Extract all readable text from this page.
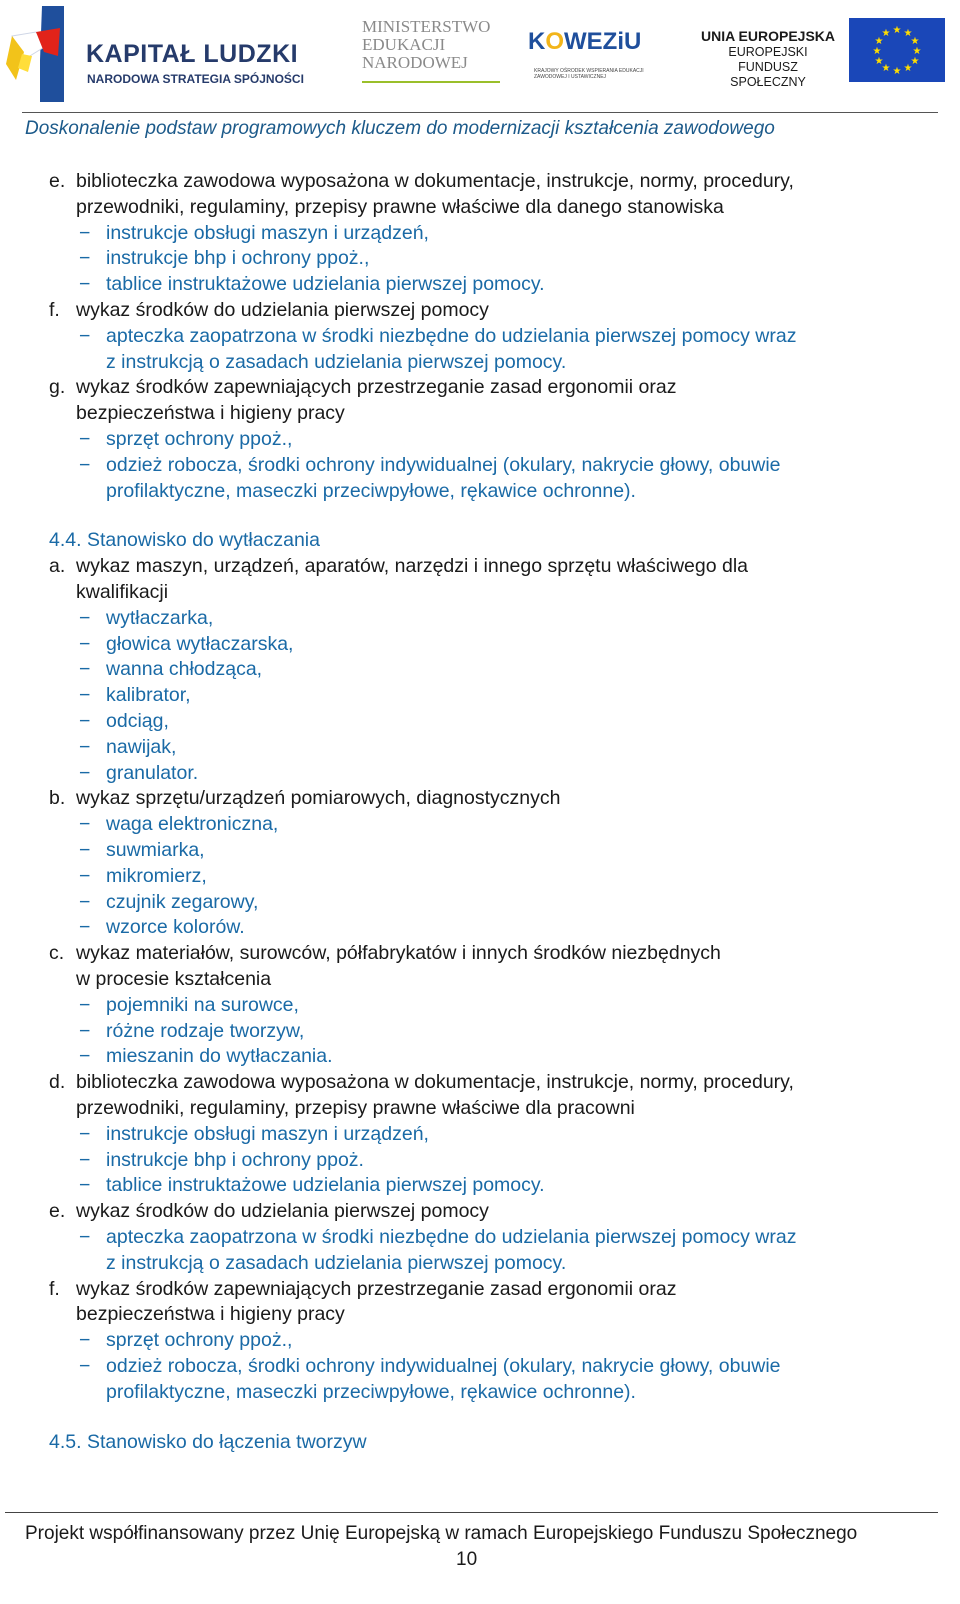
KAPITAŁ LUDZKI
NARODOWA STRATEGIA SPÓJNOŚCI
MINISTERSTWO
EDUKACJI
NARODOWEJ
KOWEZiU
KRAJOWY OŚRODEK WSPIERANIA EDUKACJI ZAWODOWEJ I USTAWICZNEJ
UNIA EUROPEJSKA
EUROPEJSKI
FUNDUSZ SPOŁECZNY
★ ★
★
★
★
★
★
★
★
★
★
★
Doskonalenie podstaw programowych kluczem do modernizacji kształcenia zawodowego
e. biblioteczka zawodowa wyposażona w dokumentacje, instrukcje, normy, procedury,
przewodniki, regulaminy, przepisy prawne właściwe dla danego stanowiska
− instrukcje obsługi maszyn i urządzeń,
− instrukcje bhp i ochrony ppoż.,
− tablice instruktażowe udzielania pierwszej pomocy.
f. wykaz środków do udzielania pierwszej pomocy
− apteczka zaopatrzona w środki niezbędne do udzielania pierwszej pomocy wraz
z instrukcją o zasadach udzielania pierwszej pomocy.
g. wykaz środków zapewniających przestrzeganie zasad ergonomii oraz
bezpieczeństwa i higieny pracy
− sprzęt ochrony ppoż.,
− odzież robocza, środki ochrony indywidualnej (okulary, nakrycie głowy, obuwie
profilaktyczne, maseczki przeciwpyłowe, rękawice ochronne).
4.4. Stanowisko do wytłaczania
a. wykaz maszyn, urządzeń, aparatów, narzędzi i innego sprzętu właściwego dla
kwalifikacji
− wytłaczarka,
− głowica wytłaczarska,
− wanna chłodząca,
− kalibrator,
− odciąg,
− nawijak,
− granulator.
b. wykaz sprzętu/urządzeń pomiarowych, diagnostycznych
− waga elektroniczna,
− suwmiarka,
− mikromierz,
− czujnik zegarowy,
− wzorce kolorów.
c. wykaz materiałów, surowców, półfabrykatów i innych środków niezbędnych
w procesie kształcenia
− pojemniki na surowce,
− różne rodzaje tworzyw,
− mieszanin do wytłaczania.
d. biblioteczka zawodowa wyposażona w dokumentacje, instrukcje, normy, procedury,
przewodniki, regulaminy, przepisy prawne właściwe dla pracowni
− instrukcje obsługi maszyn i urządzeń,
− instrukcje bhp i ochrony ppoż.
− tablice instruktażowe udzielania pierwszej pomocy.
e. wykaz środków do udzielania pierwszej pomocy
− apteczka zaopatrzona w środki niezbędne do udzielania pierwszej pomocy wraz
z instrukcją o zasadach udzielania pierwszej pomocy.
f. wykaz środków zapewniających przestrzeganie zasad ergonomii oraz
bezpieczeństwa i higieny pracy
− sprzęt ochrony ppoż.,
− odzież robocza, środki ochrony indywidualnej (okulary, nakrycie głowy, obuwie
profilaktyczne, maseczki przeciwpyłowe, rękawice ochronne).
4.5. Stanowisko do łączenia tworzyw
Projekt współfinansowany przez Unię Europejską w ramach Europejskiego Funduszu Społecznego
10
